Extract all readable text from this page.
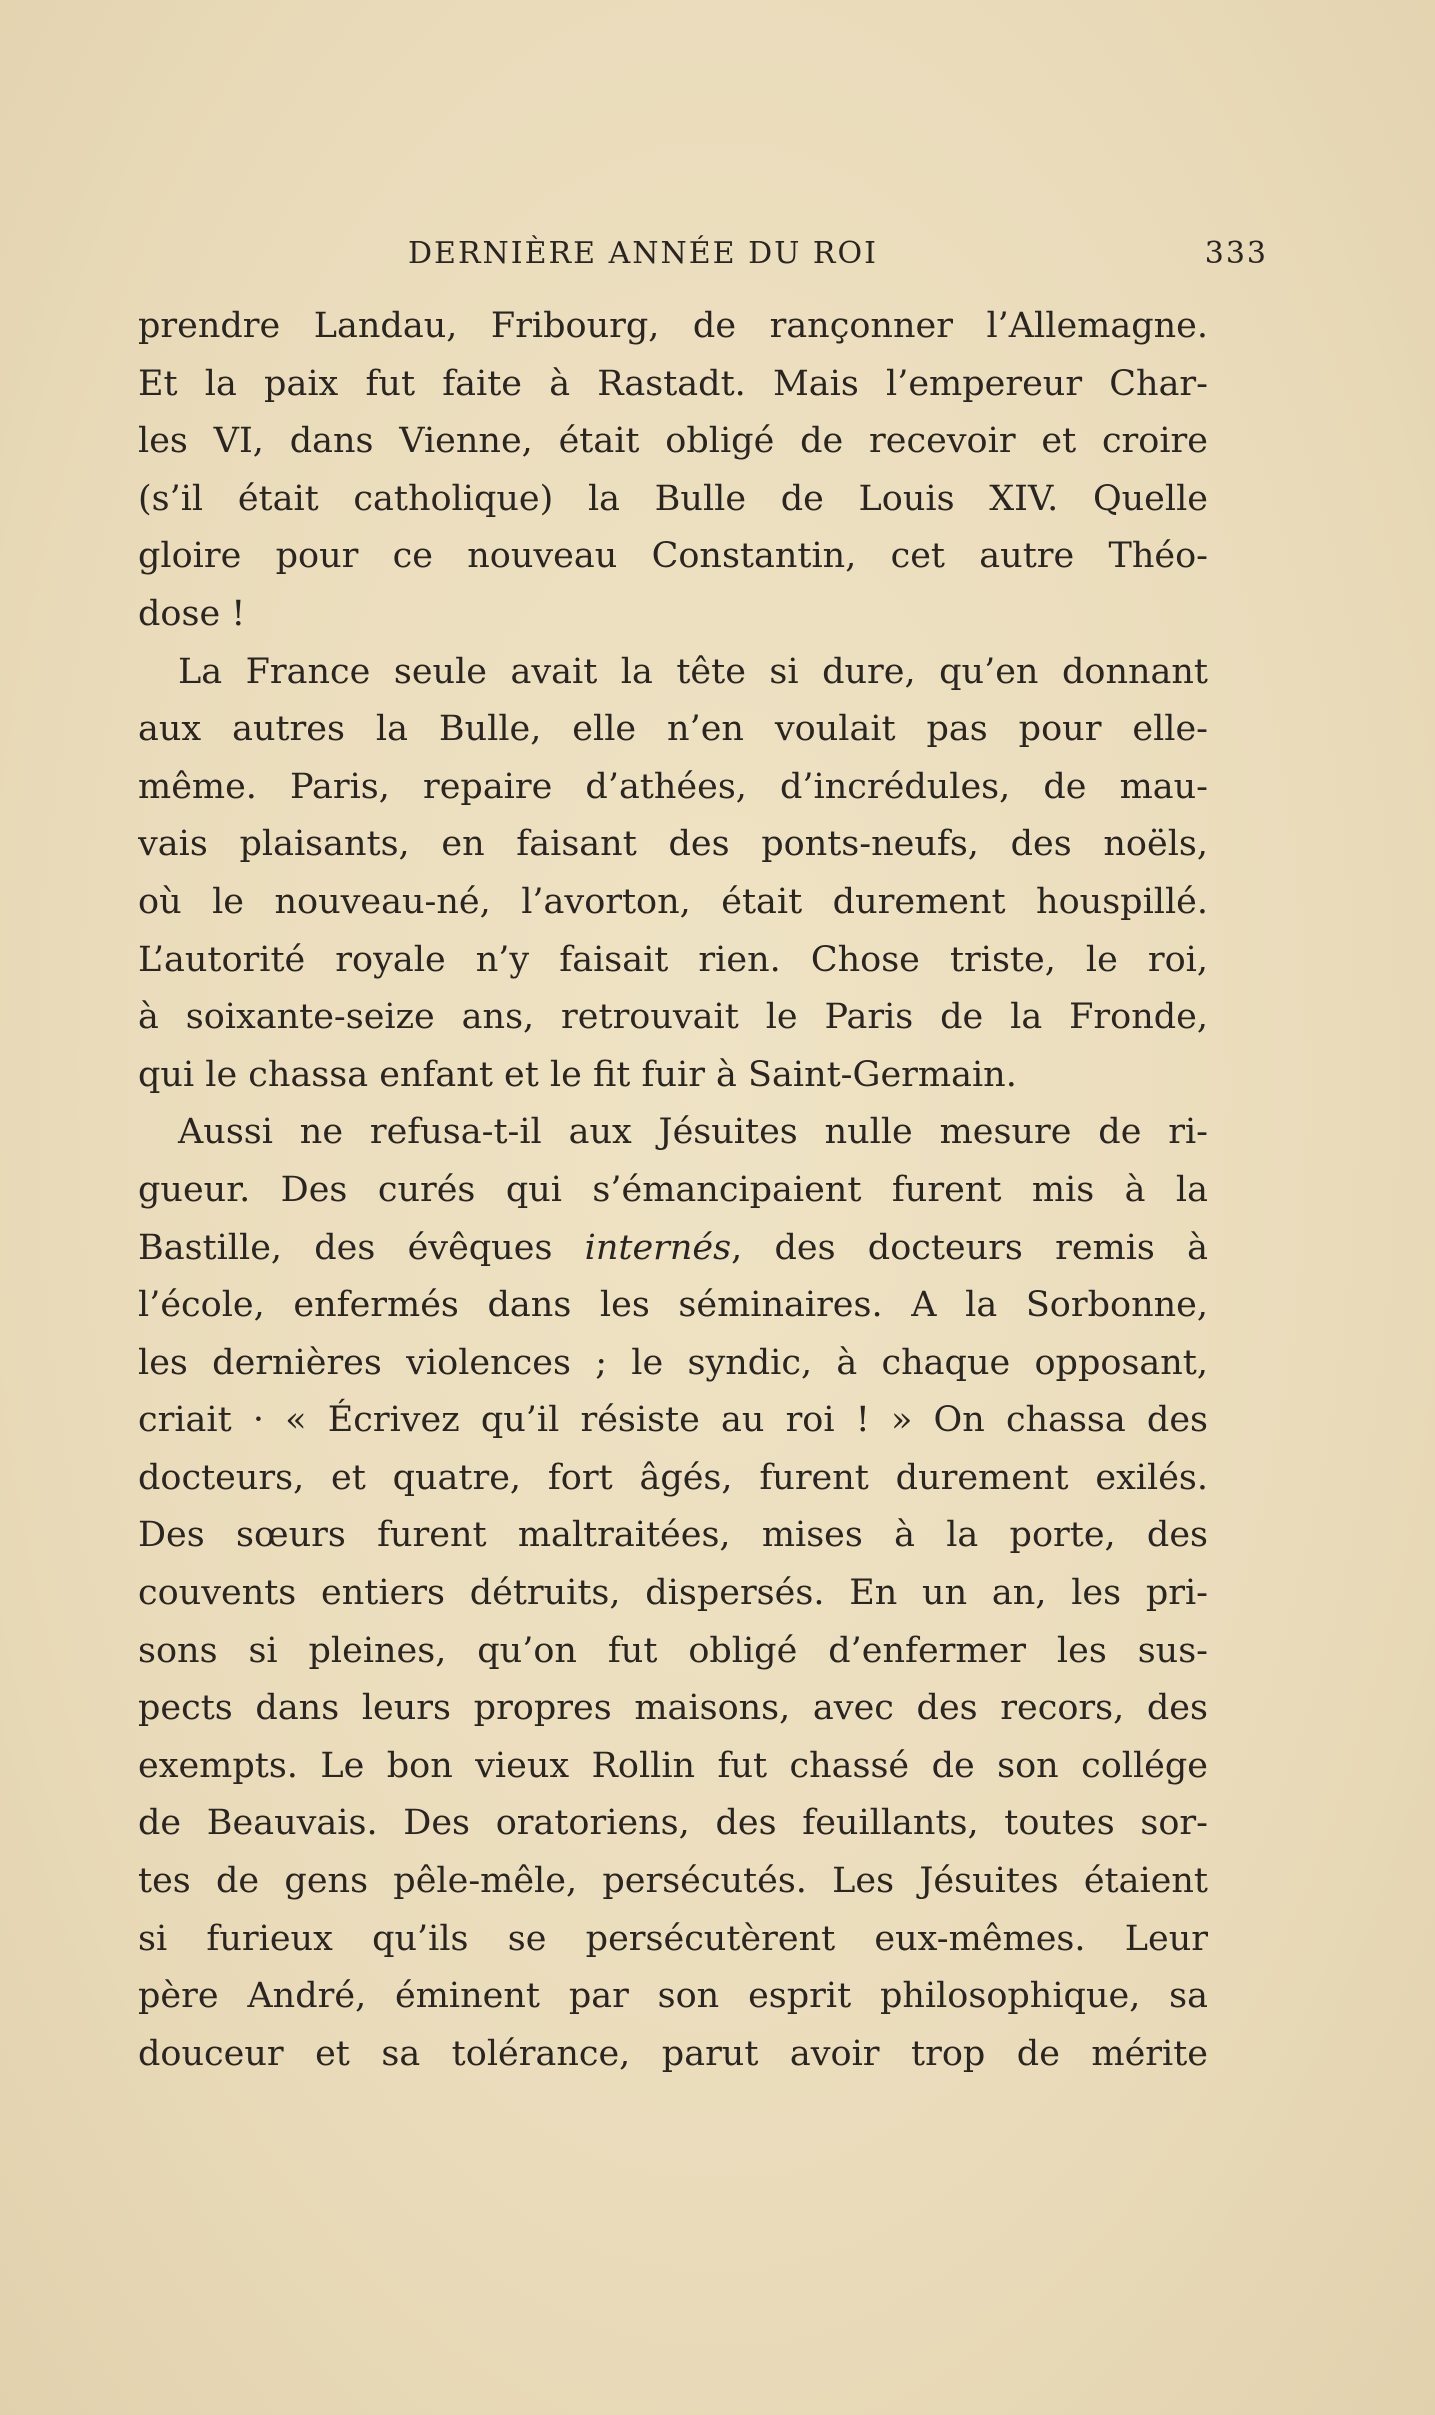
DERNIÈRE ANNÉE DU ROI	333
prendre Landau, Fribourg, de rançonner l’Allemagne.
Et la paix fut faite à Rastadt. Mais l’empereur Char-
les VI, dans Vienne, était obligé de recevoir et croire
(s’il était catholique) la Bulle de Louis XIV. Quelle
gloire pour ce nouveau Constantin, cet autre Théo-
dose !
La France seule avait la tête si dure, qu’en donnant
aux autres la Bulle, elle n’en voulait pas pour elle-
même. Paris, repaire d’athées, d’incrédules, de mau-
vais plaisants, en faisant des ponts-neufs, des noëls,
où le nouveau-né, l’avorton, était durement houspillé.
L’autorité royale n’y faisait rien. Chose triste, le roi,
à soixante-seize ans, retrouvait le Paris de la Fronde,
qui le chassa enfant et le fit fuir à Saint-Germain.
Aussi ne refusa-t-il aux Jésuites nulle mesure de ri-
gueur. Des curés qui s’émancipaient furent mis à la
Bastille, des évêques internés, des docteurs remis à
l’école, enfermés dans les séminaires. A la Sorbonne,
les dernières violences ; le syndic, à chaque opposant,
criait · « Écrivez qu’il résiste au roi ! » On chassa des
docteurs, et quatre, fort âgés, furent durement exilés.
Des sœurs furent maltraitées, mises à la porte, des
couvents entiers détruits, dispersés. En un an, les pri-
sons si pleines, qu’on fut obligé d’enfermer les sus-
pects dans leurs propres maisons, avec des recors, des
exempts. Le bon vieux Rollin fut chassé de son collége
de Beauvais. Des oratoriens, des feuillants, toutes sor-
tes de gens pêle-mêle, persécutés. Les Jésuites étaient
si furieux qu’ils se persécutèrent eux-mêmes. Leur
père André, éminent par son esprit philosophique, sa
douceur et sa tolérance, parut avoir trop de mérite
